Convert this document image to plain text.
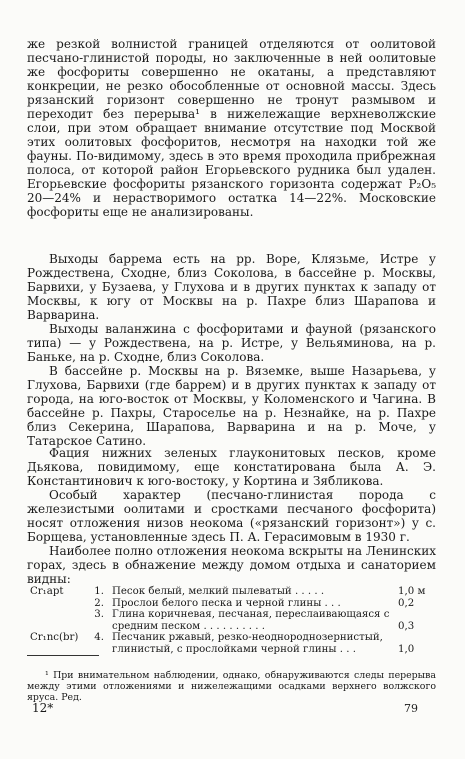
же резкой волнистой границей отделяются от оолитовой песчано-глинистой породы, но заключенные в ней оолитовые же фосфориты совершенно не окатаны, а представляют конкреции, не резко обособленные от основной массы. Здесь рязанский горизонт совершенно не тронут размывом и переходит без перерыва¹ в нижележащие верхневолжские слои, при этом обращает внимание отсутствие под Москвой этих оолитовых фосфоритов, несмотря на находки той же фауны. По-видимому, здесь в это время проходила прибрежная полоса, от которой район Егорьевского рудника был удален. Егорьевские фосфориты рязанского горизонта содержат P₂O₅ 20—24% и нерастворимого остатка 14—22%. Московские фосфориты еще не анализированы.

Выходы баррема есть на рр. Воре, Клязьме, Истре у Рождествена, Сходне, близ Соколова, в бассейне р. Москвы, Барвихи, у Бузаева, у Глухова и в других пунктах к западу от Москвы, к югу от Москвы на р. Пахре близ Шарапова и Варварина.

Выходы валанжина с фосфоритами и фауной (рязанского типа) — у Рождествена, на р. Истре, у Вельяминова, на р. Баньке, на р. Сходне, близ Соколова.

В бассейне р. Москвы на р. Вяземке, выше Назарьева, у Глухова, Барвихи (где баррем) и в других пунктах к западу от города, на юго-восток от Москвы, у Коломенского и Чагина. В бассейне р. Пахры, Староселье на р. Незнайке, на р. Пахре близ Секерина, Шарапова, Варварина и на р. Моче, у Татарское Сатино.

Фация нижних зеленых глауконитовых песков, кроме Дьякова, повидимому, еще констатирована была А. Э. Константинович к юго-востоку, у Кортина и Зябликова.

Особый характер (песчано-глинистая порода с железистыми оолитами и сростками песчаного фосфорита) носят отложения низов неокома («рязанский горизонт») у с. Борщева, установленные здесь П. А. Герасимовым в 1930 г.

Наиболее полно отложения неокома вскрыты на Ленинских горах, здесь в обнажение между домом отдыха и санаторием видны:

Cr₁apt	1. Песок белый, мелкий пылеватый . . . . .	1,0 м
2. Прослои белого песка и черной глины . . .	0,2
3. Глина коричневая, песчаная, переслаивающаяся с средним песком . . . . . . . . . .	0,3
Cr₁nc(br)	4. Песчаник ржавый, резко-неоднороднозернистый, глинистый, с прослойками черной глины . . .	1,0

¹ При внимательном наблюдении, однако, обнаруживаются следы перерыва между этими отложениями и нижележащими осадками верхнего волжского яруса. Ред.

12*	79
